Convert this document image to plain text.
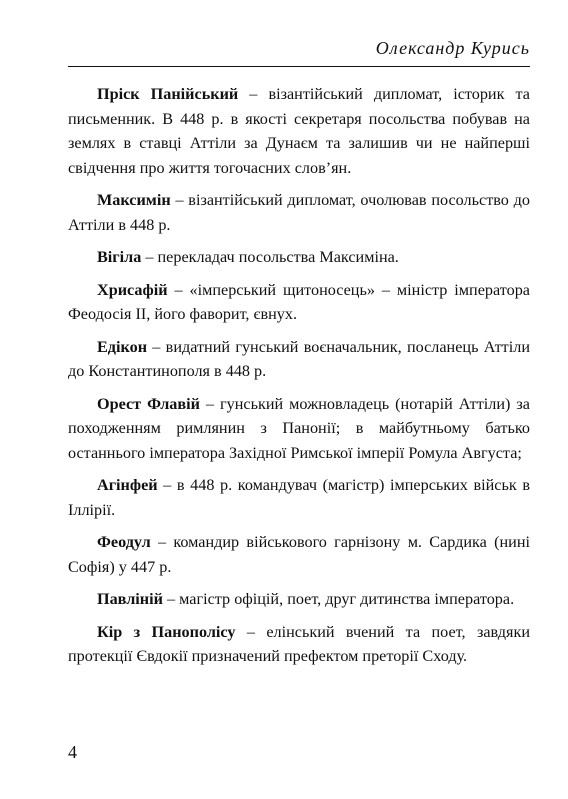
Олександр Курись

Пріск Панійський – візантійський дипломат, історик та письменник. В 448 р. в якості секретаря посольства побував на землях в ставці Аттіли за Дунаєм та залишив чи не найперші свідчення про життя тогочасних слов’ян.

Максимін – візантійський дипломат, очолював посольство до Аттіли в 448 р.

Вігіла – перекладач посольства Максиміна.

Хрисафій – «імперський щитоносець» – міністр імператора Феодосія II, його фаворит, євнух.

Едікон – видатний гунський воєначальник, посланець Аттіли до Константинополя в 448 р.

Орест Флавій – гунський можновладець (нотарій Аттіли) за походженням римлянин з Панонії; в майбутньому батько останнього імператора Західної Римської імперії Ромула Августа;

Агінфей – в 448 р. командувач (магістр) імперських військ в Іллірії.

Феодул – командир військового гарнізону м. Сардика (нині Софія) у 447 р.

Павліній – магістр офіцій, поет, друг дитинства імператора.

Кір з Панополісу – елінський вчений та поет, завдяки протекції Євдокії призначений префектом преторії Сходу.

4
